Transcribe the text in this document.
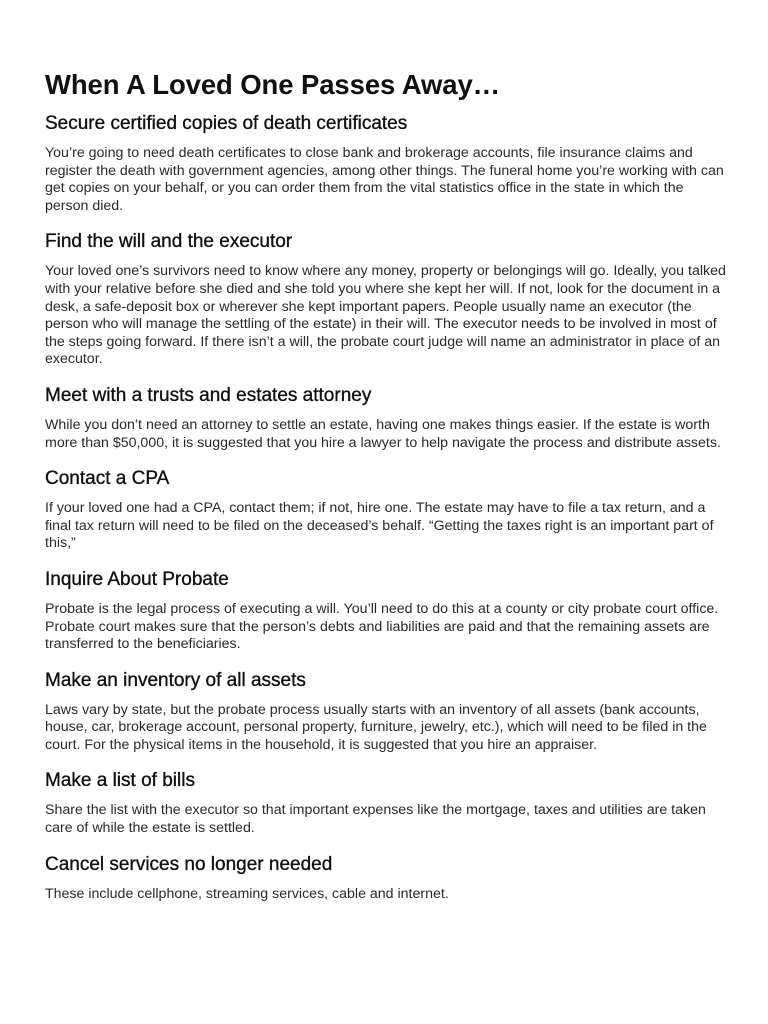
When A Loved One Passes Away…
Secure certified copies of death certificates

You’re going to need death certificates to close bank and brokerage accounts, file insurance claims and register the death with government agencies, among other things. The funeral home you’re working with can get copies on your behalf, or you can order them from the vital statistics office in the state in which the person died.

Find the will and the executor

Your loved one’s survivors need to know where any money, property or belongings will go. Ideally, you talked with your relative before she died and she told you where she kept her will. If not, look for the document in a desk, a safe-deposit box or wherever she kept important papers. People usually name an executor (the person who will manage the settling of the estate) in their will. The executor needs to be involved in most of the steps going forward. If there isn’t a will, the probate court judge will name an administrator in place of an executor.

Meet with a trusts and estates attorney

While you don’t need an attorney to settle an estate, having one makes things easier. If the estate is worth more than $50,000, it is suggested that you hire a lawyer to help navigate the process and distribute assets.

Contact a CPA

If your loved one had a CPA, contact them; if not, hire one. The estate may have to file a tax return, and a final tax return will need to be filed on the deceased’s behalf. “Getting the taxes right is an important part of this,”

Inquire About Probate

Probate is the legal process of executing a will. You’ll need to do this at a county or city probate court office. Probate court makes sure that the person’s debts and liabilities are paid and that the remaining assets are transferred to the beneficiaries.

Make an inventory of all assets

Laws vary by state, but the probate process usually starts with an inventory of all assets (bank accounts, house, car, brokerage account, personal property, furniture, jewelry, etc.), which will need to be filed in the court. For the physical items in the household, it is suggested that you hire an appraiser.

Make a list of bills

Share the list with the executor so that important expenses like the mortgage, taxes and utilities are taken care of while the estate is settled.

Cancel services no longer needed

These include cellphone, streaming services, cable and internet.
